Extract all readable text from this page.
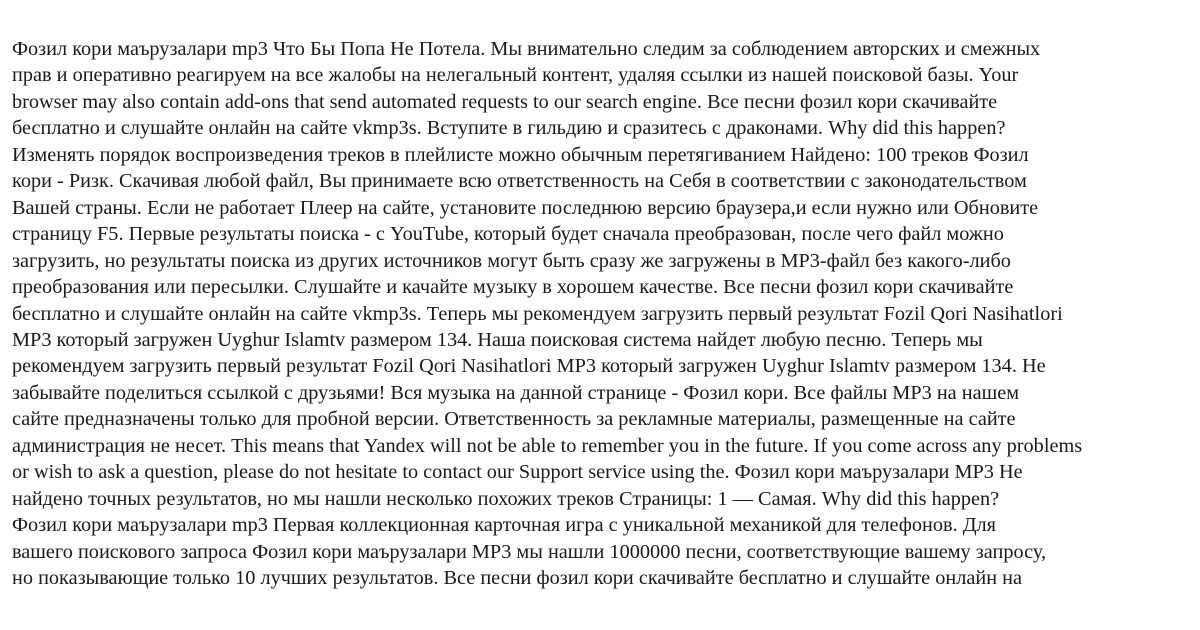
Фозил кори маърузалари mp3 Что Бы Попа Не Потела. Мы внимательно следим за соблюдением авторских и смежных
прав и оперативно реагируем на все жалобы на нелегальный контент, удаляя ссылки из нашей поисковой базы. Your
browser may also contain add-ons that send automated requests to our search engine. Все песни фозил кори скачивайте
бесплатно и слушайте онлайн на сайте vkmp3s. Вступите в гильдию и сразитесь с драконами. Why did this happen?
Изменять порядок воспроизведения треков в плейлисте можно обычным перетягиванием Найдено: 100 треков Фозил
кори - Ризк. Скачивая любой файл, Вы принимаете всю ответственность на Себя в соответствии с законодательством
Вашей страны. Если не работает Плеер на сайте, установите последнюю версию браузера,и если нужно или Обновите
страницу F5. Первые результаты поиска - с YouTube, который будет сначала преобразован, после чего файл можно
загрузить, но результаты поиска из других источников могут быть сразу же загружены в MP3-файл без какого-либо
преобразования или пересылки. Слушайте и качайте музыку в хорошем качестве. Все песни фозил кори скачивайте
бесплатно и слушайте онлайн на сайте vkmp3s. Теперь мы рекомендуем загрузить первый результат Fozil Qori Nasihatlori
MP3 который загружен Uyghur Islamtv размером 134. Наша поисковая система найдет любую песню. Теперь мы
рекомендуем загрузить первый результат Fozil Qori Nasihatlori MP3 который загружен Uyghur Islamtv размером 134. Не
забывайте поделиться ссылкой с друзьями! Вся музыка на данной странице - Фозил кори. Все файлы MP3 на нашем
сайте предназначены только для пробной версии. Ответственность за рекламные материалы, размещенные на сайте
администрация не несет. This means that Yandex will not be able to remember you in the future. If you come across any problems
or wish to ask a question, please do not hesitate to contact our Support service using the. Фозил кори маърузалари MP3 Не
найдено точных результатов, но мы нашли несколько похожих треков Страницы: 1 — Самая. Why did this happen?
Фозил кори маърузалари mp3 Первая коллекционная карточная игра с уникальной механикой для телефонов. Для
вашего поискового запроса Фозил кори маърузалари MP3 мы нашли 1000000 песни, соответствующие вашему запросу,
но показывающие только 10 лучших результатов. Все песни фозил кори скачивайте бесплатно и слушайте онлайн на
